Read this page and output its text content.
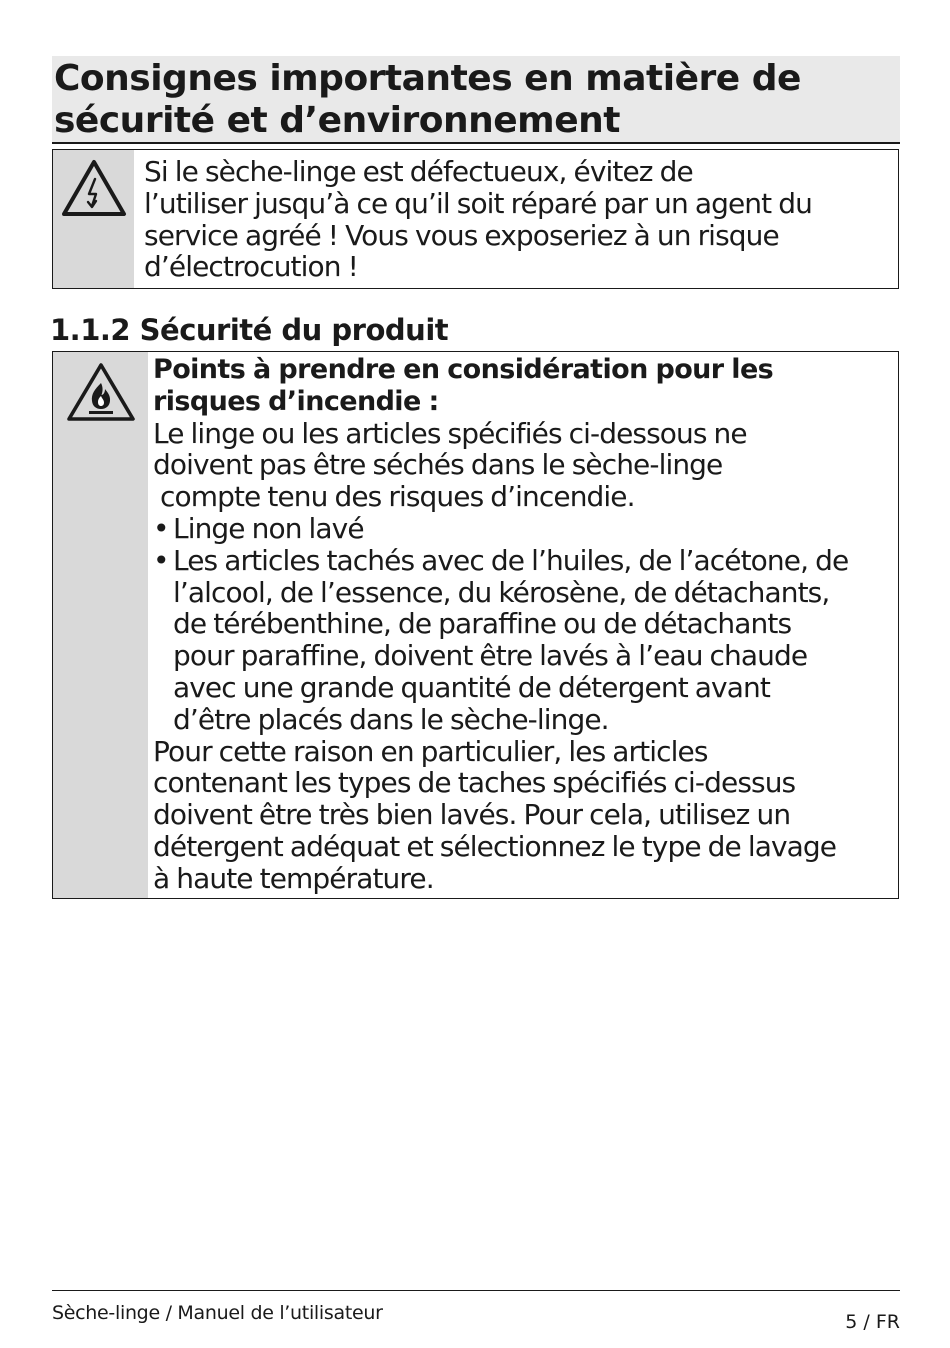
Consignes importantes en matière de
sécurité et d’environnement
Si le sèche-linge est défectueux, évitez de
l’utiliser jusqu’à ce qu’il soit réparé par un agent du
service agréé ! Vous vous exposeriez à un risque
d’électrocution !
1.1.2 Sécurité du produit
Points à prendre en considération pour les
risques d’incendie :
Le linge ou les articles spécifiés ci-dessous ne
doivent pas être séchés dans le sèche-linge
compte tenu des risques d’incendie.
• Linge non lavé
• Les articles tachés avec de l’huiles, de l’acétone, de
l’alcool, de l’essence, du kérosène, de détachants,
de térébenthine, de paraffine ou de détachants
pour paraffine, doivent être lavés à l’eau chaude
avec une grande quantité de détergent avant
d’être placés dans le sèche-linge.
Pour cette raison en particulier, les articles
contenant les types de taches spécifiés ci-dessus
doivent être très bien lavés. Pour cela, utilisez un
détergent adéquat et sélectionnez le type de lavage
à haute température.
Sèche-linge / Manuel de l’utilisateur	5 / FR
